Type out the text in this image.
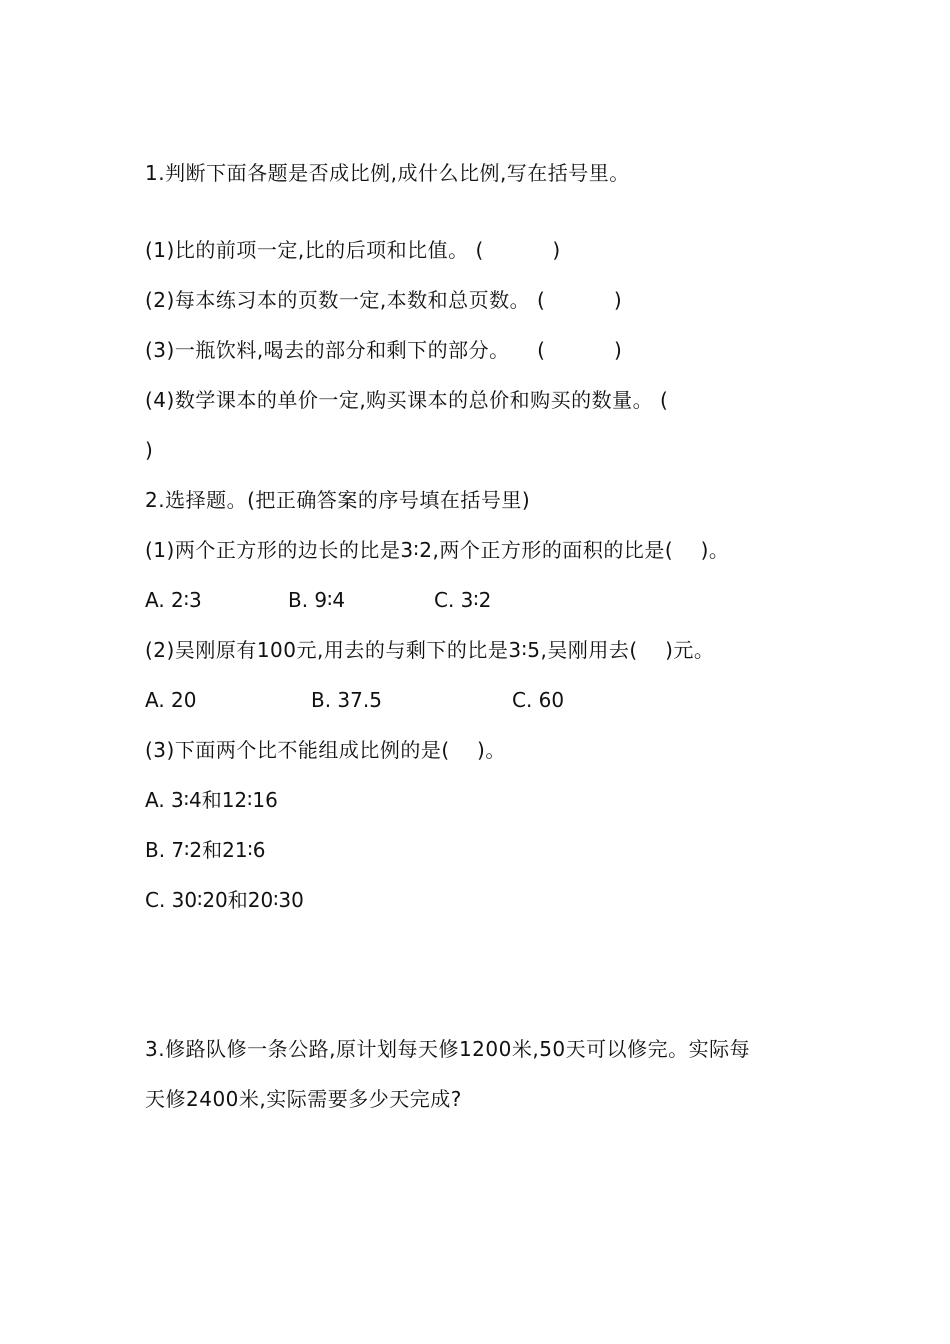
1.判断下面各题是否成比例,成什么比例,写在括号里。
(1)比的前项一定,比的后项和比值。 (          )
(2)每本练习本的页数一定,本数和总页数。 (          )
(3)一瓶饮料,喝去的部分和剩下的部分。    (          )
(4)数学课本的单价一定,购买课本的总价和购买的数量。 (
)
2.选择题。(把正确答案的序号填在括号里)
(1)两个正方形的边长的比是3∶2,两个正方形的面积的比是(    )。
A. 2∶3	B. 9∶4	C. 3∶2
(2)吴刚原有100元,用去的与剩下的比是3∶5,吴刚用去(    )元。
A. 20	B. 37.5	C. 60
(3)下面两个比不能组成比例的是(    )。
A. 3∶4和12∶16
B. 7∶2和21∶6
C. 30∶20和20∶30
3.修路队修一条公路,原计划每天修1200米,50天可以修完。实际每
天修2400米,实际需要多少天完成?
